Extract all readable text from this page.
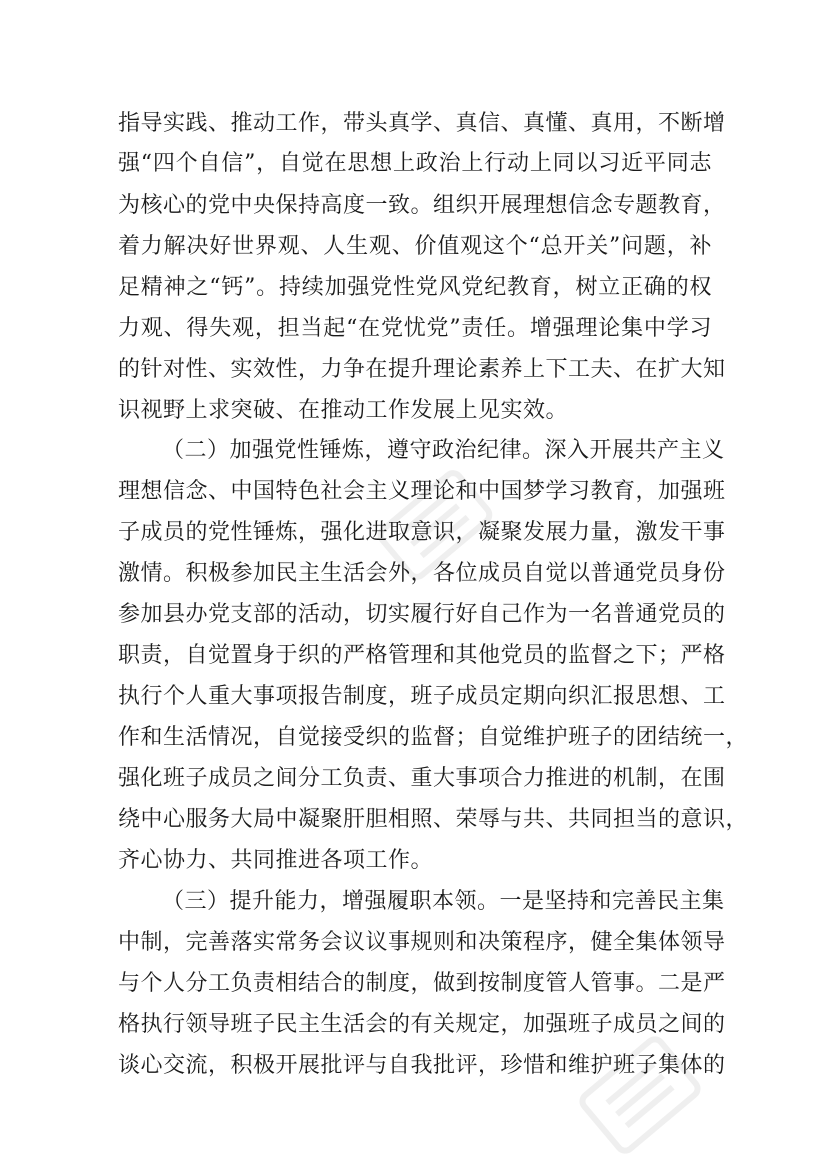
指导实践、推动工作，带头真学、真信、真懂、真用，不断增
强“四个自信”，自觉在思想上政治上行动上同以习近平同志
为核心的党中央保持高度一致。组织开展理想信念专题教育，
着力解决好世界观、人生观、价值观这个“总开关”问题，补
足精神之“钙”。持续加强党性党风党纪教育，树立正确的权
力观、得失观，担当起“在党忧党”责任。增强理论集中学习
的针对性、实效性，力争在提升理论素养上下工夫、在扩大知
识视野上求突破、在推动工作发展上见实效。
（二）加强党性锤炼，遵守政治纪律。深入开展共产主义
理想信念、中国特色社会主义理论和中国梦学习教育，加强班
子成员的党性锤炼，强化进取意识，凝聚发展力量，激发干事
激情。积极参加民主生活会外，各位成员自觉以普通党员身份
参加县办党支部的活动，切实履行好自己作为一名普通党员的
职责，自觉置身于织的严格管理和其他党员的监督之下；严格
执行个人重大事项报告制度，班子成员定期向织汇报思想、工
作和生活情况，自觉接受织的监督；自觉维护班子的团结统一，
强化班子成员之间分工负责、重大事项合力推进的机制，在围
绕中心服务大局中凝聚肝胆相照、荣辱与共、共同担当的意识，
齐心协力、共同推进各项工作。
（三）提升能力，增强履职本领。一是坚持和完善民主集
中制，完善落实常务会议议事规则和决策程序，健全集体领导
与个人分工负责相结合的制度，做到按制度管人管事。二是严
格执行领导班子民主生活会的有关规定，加强班子成员之间的
谈心交流，积极开展批评与自我批评，珍惜和维护班子集体的
